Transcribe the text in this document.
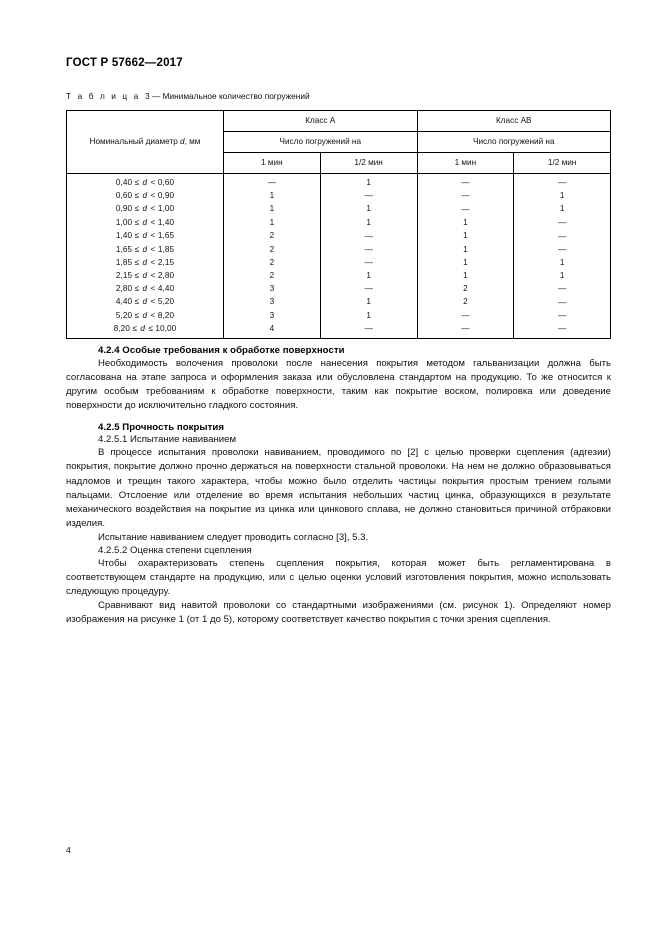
ГОСТ Р 57662—2017
Т а б л и ц а 3 — Минимальное количество погружений
Номинальный диаметр d, мм	Класс А		Класс АВ	
	Число погружений на		Число погружений на	
	1 мин	1/2 мин	1 мин	1/2 мин
0,40 ≤ d < 0,60	—	1	—	—
0,60 ≤ d < 0,90	1	—	—	1
0,90 ≤ d < 1,00	1	1	—	1
1,00 ≤ d < 1,40	1	1	1	—
1,40 ≤ d < 1,65	2	—	1	—
1,65 ≤ d < 1,85	2	—	1	—
1,85 ≤ d < 2,15	2	—	1	1
2,15 ≤ d < 2,80	2	1	1	1
2,80 ≤ d < 4,40	3	—	2	—
4,40 ≤ d < 5,20	3	1	2	—
5,20 ≤ d < 8,20	3	1	—	—
8,20 ≤ d ≤ 10,00	4	—	—	—
4.2.4 Особые требования к обработке поверхности

Необходимость волочения проволоки после нанесения покрытия методом гальванизации должна быть согласована на этапе запроса и оформления заказа или обусловлена стандартом на продукцию. То же относится к другим особым требованиям к обработке поверхности, таким как покрытие воском, полировка или доведение поверхности до исключительно гладкого состояния.

4.2.5 Прочность покрытия
4.2.5.1 Испытание навиванием

В процессе испытания проволоки навиванием, проводимого по [2] с целью проверки сцепления (адгезии) покрытия, покрытие должно прочно держаться на поверхности стальной проволоки. На нем не должно образовываться надломов и трещин такого характера, чтобы можно было отделить частицы покрытия простым трением голыми пальцами. Отслоение или отделение во время испытания небольших частиц цинка, образующихся в результате механического воздействия на покрытие из цинка или цинкового сплава, не должно становиться причиной отбраковки изделия.

Испытание навиванием следует проводить согласно [3], 5.3.

4.2.5.2 Оценка степени сцепления

Чтобы охарактеризовать степень сцепления покрытия, которая может быть регламентирована в соответствующем стандарте на продукцию, или с целью оценки условий изготовления покрытия, можно использовать следующую процедуру.

Сравнивают вид навитой проволоки со стандартными изображениями (см. рисунок 1). Определяют номер изображения на рисунке 1 (от 1 до 5), которому соответствует качество покрытия с точки зрения сцепления.

4
